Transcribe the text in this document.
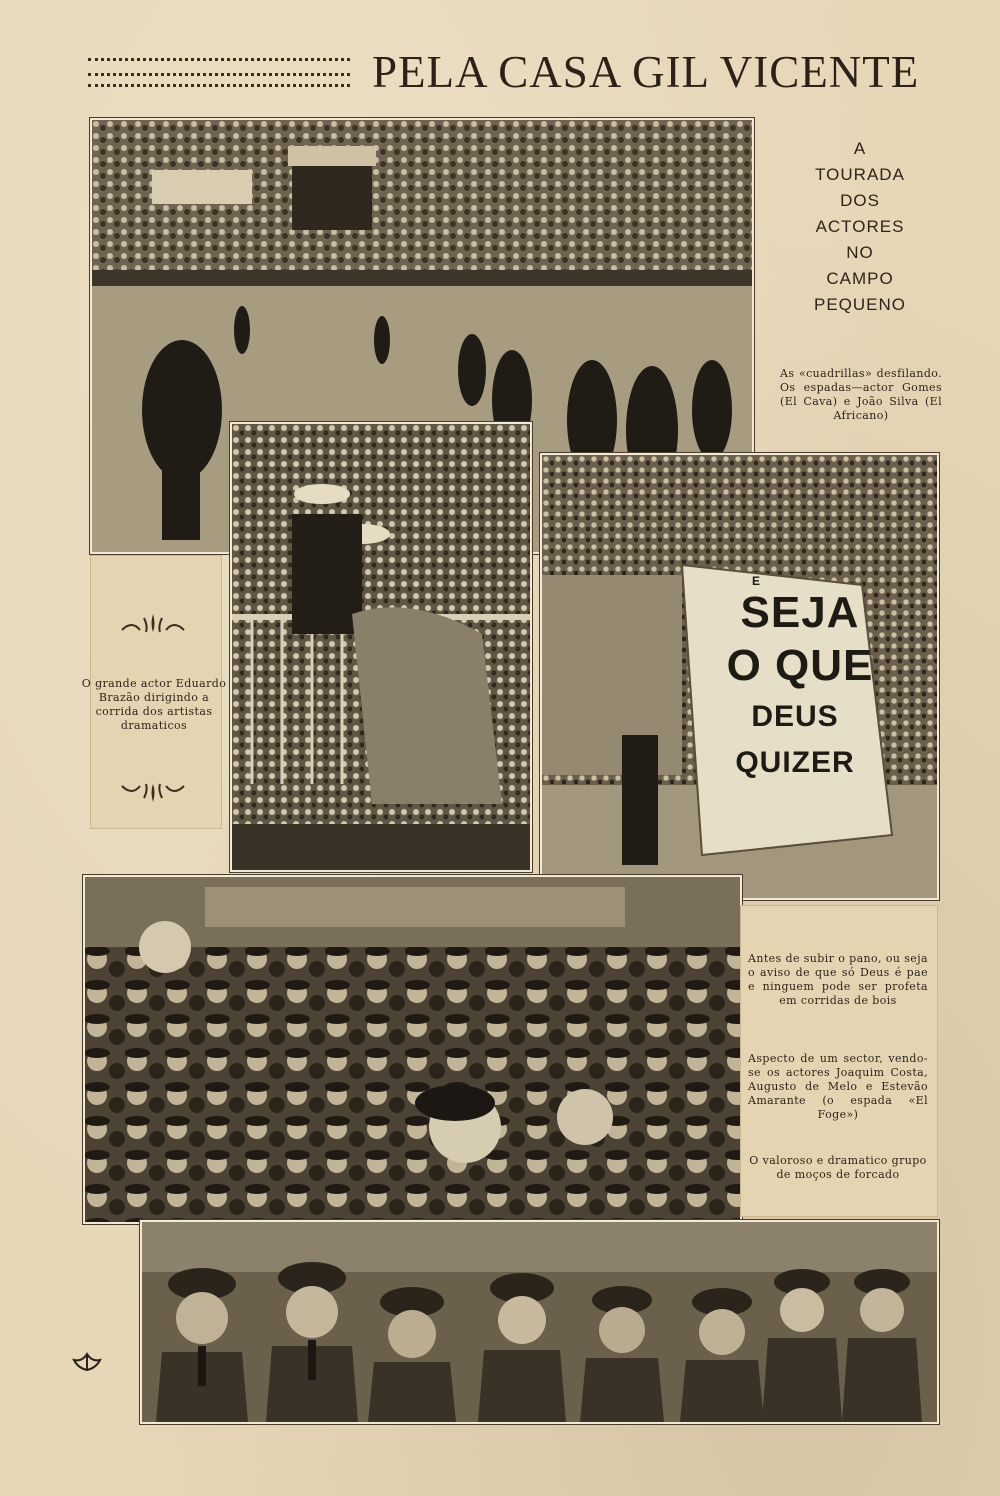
PELA CASA GIL VICENTE
A
TOURADA
DOS
ACTORES
NO
CAMPO
PEQUENO
As «cuadrillas» desfilando. Os espadas—actor Gomes (El Cava) e João Silva (El Africano)
E
SEJA
O QUE
DEUS QUIZER
O grande actor Eduardo Brazão dirigindo a corrida dos artistas dramaticos
Antes de subir o pano, ou seja o aviso de que só Deus é pae e ninguem pode ser profeta em corridas de bois
Aspecto de um sector, vendo-se os actores Joaquim Costa, Augusto de Melo e Estevão Amarante (o espada «El Foge»)
O valoroso e dramatico grupo de moços de forcado
